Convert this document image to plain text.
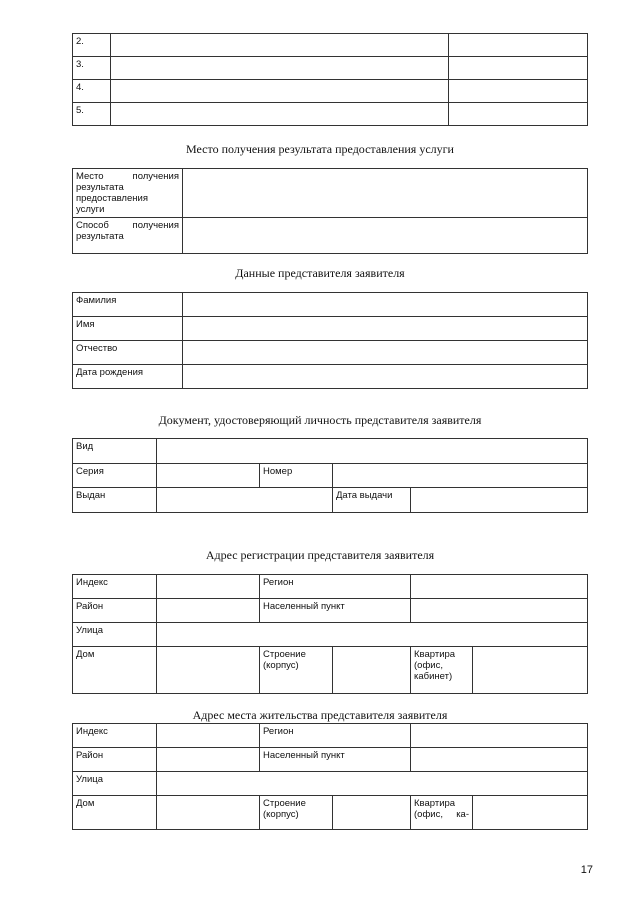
2.		
3.		
4.		
5.		
Место получения результата предоставления услуги
Место получения результата предоставления услуги	
Способ получения результата	
Данные представителя заявителя
Фамилия	
Имя	
Отчество	
Дата рождения	
Документ, удостоверяющий личность представителя заявителя
Вид				
Серия		Номер		
Выдан			Дата выдачи	
Адрес регистрации представителя заявителя
Индекс		Регион			
Район		Населенный пункт			
Улица					
Дом		Строение (корпус)		Квартира (офис, кабинет)	
Адрес места жительства представителя заявителя
Индекс		Регион			
Район		Населенный пункт			
Улица					
Дом		Строение (корпус)		Квартира (офис, ка-	
17
